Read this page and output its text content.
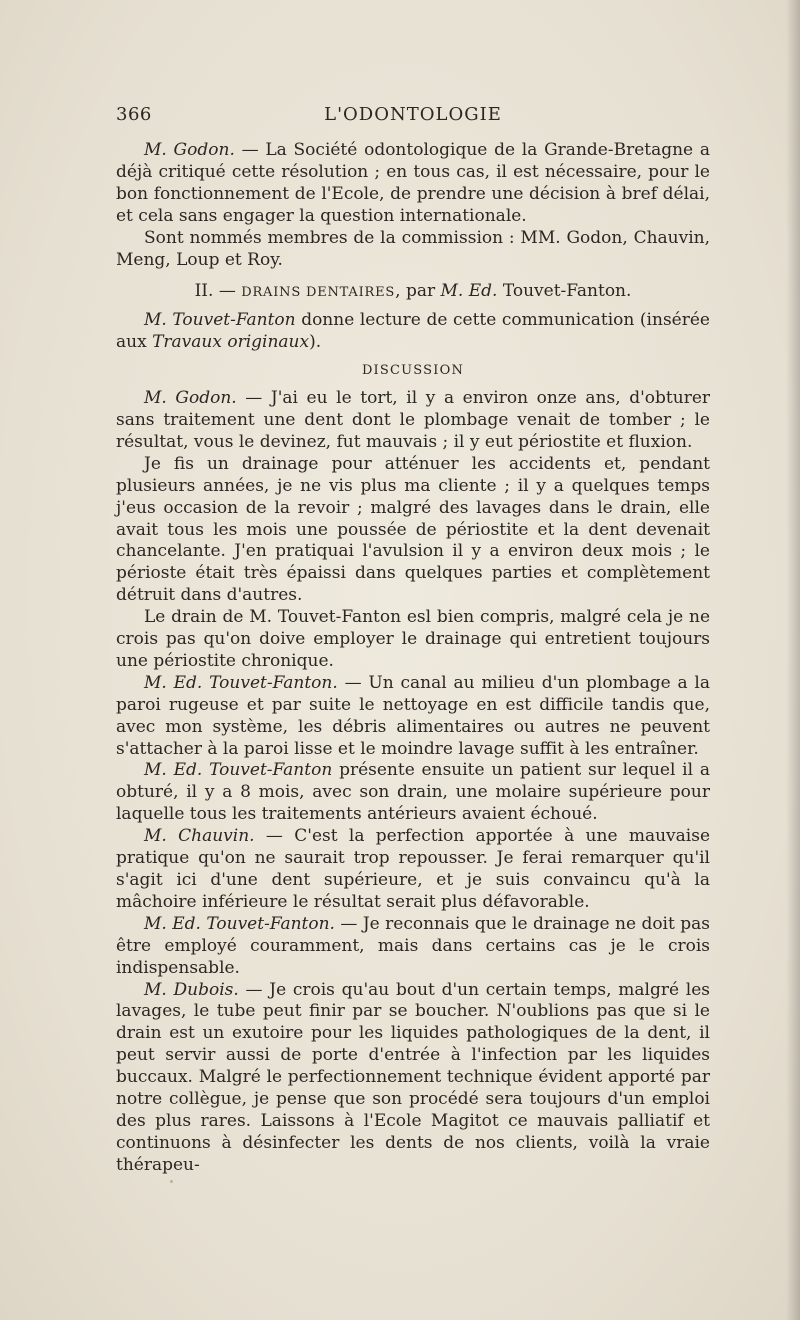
366	L'ODONTOLOGIE

M. Godon. — La Société odontologique de la Grande-Bretagne a déjà critiqué cette résolution ; en tous cas, il est nécessaire, pour le bon fonctionnement de l'Ecole, de prendre une décision à bref délai, et cela sans engager la question internationale.

Sont nommés membres de la commission : MM. Godon, Chauvin, Meng, Loup et Roy.

II. — DRAINS DENTAIRES, par M. Ed. Touvet-Fanton.

M. Touvet-Fanton donne lecture de cette communication (insérée aux Travaux originaux).

DISCUSSION

M. Godon. — J'ai eu le tort, il y a environ onze ans, d'obturer sans traitement une dent dont le plombage venait de tomber ; le résultat, vous le devinez, fut mauvais ; il y eut périostite et fluxion.

Je fis un drainage pour atténuer les accidents et, pendant plusieurs années, je ne vis plus ma cliente ; il y a quelques temps j'eus occasion de la revoir ; malgré des lavages dans le drain, elle avait tous les mois une poussée de périostite et la dent devenait chancelante. J'en pratiquai l'avulsion il y a environ deux mois ; le périoste était très épaissi dans quelques parties et complètement détruit dans d'autres.

Le drain de M. Touvet-Fanton esl bien compris, malgré cela je ne crois pas qu'on doive employer le drainage qui entretient toujours une périostite chronique.

M. Ed. Touvet-Fanton. — Un canal au milieu d'un plombage a la paroi rugeuse et par suite le nettoyage en est difficile tandis que, avec mon système, les débris alimentaires ou autres ne peuvent s'attacher à la paroi lisse et le moindre lavage suffit à les entraîner.

M. Ed. Touvet-Fanton présente ensuite un patient sur lequel il a obturé, il y a 8 mois, avec son drain, une molaire supérieure pour laquelle tous les traitements antérieurs avaient échoué.

M. Chauvin. — C'est la perfection apportée à une mauvaise pratique qu'on ne saurait trop repousser. Je ferai remarquer qu'il s'agit ici d'une dent supérieure, et je suis convaincu qu'à la mâchoire inférieure le résultat serait plus défavorable.

M. Ed. Touvet-Fanton. — Je reconnais que le drainage ne doit pas être employé couramment, mais dans certains cas je le crois indispensable.

M. Dubois. — Je crois qu'au bout d'un certain temps, malgré les lavages, le tube peut finir par se boucher. N'oublions pas que si le drain est un exutoire pour les liquides pathologiques de la dent, il peut servir aussi de porte d'entrée à l'infection par les liquides buccaux. Malgré le perfectionnement technique évident apporté par notre collègue, je pense que son procédé sera toujours d'un emploi des plus rares. Laissons à l'Ecole Magitot ce mauvais palliatif et continuons à désinfecter les dents de nos clients, voilà la vraie thérapeu-
